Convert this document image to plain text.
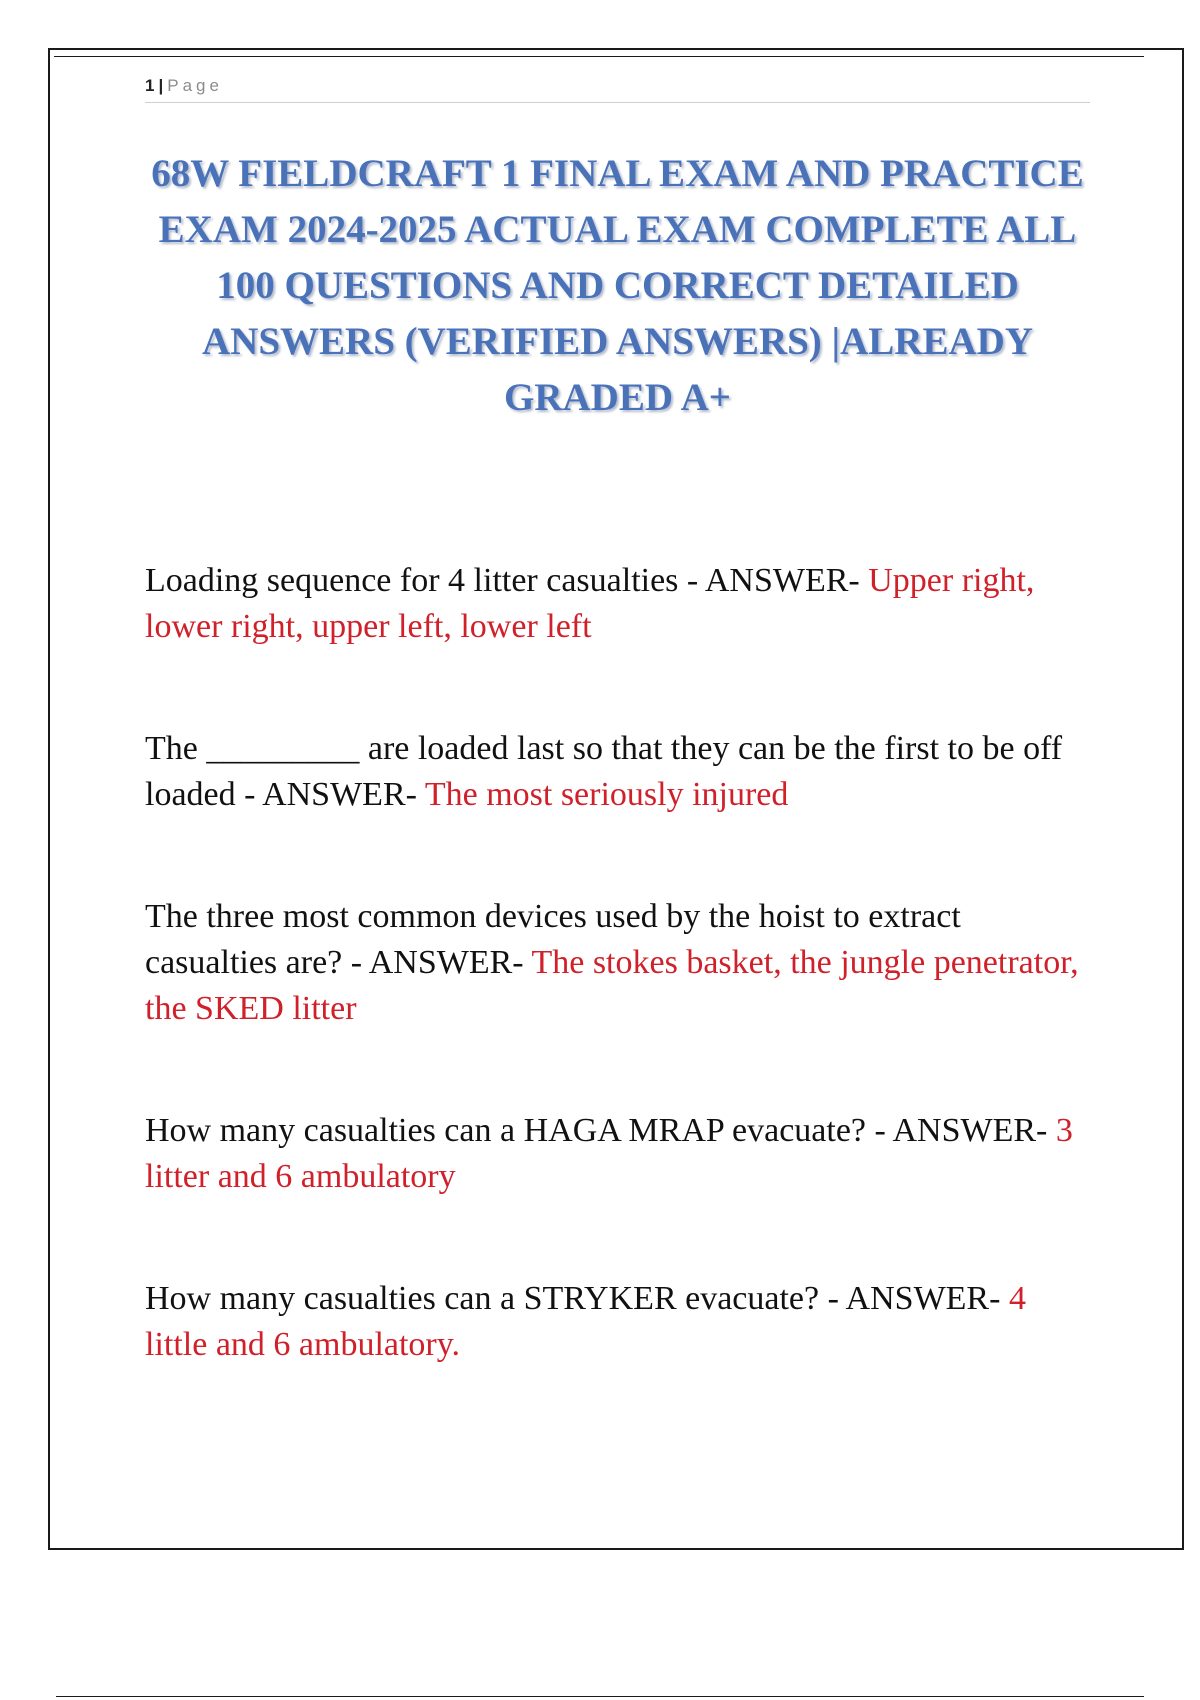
1 | Page
68W FIELDCRAFT 1 FINAL EXAM AND PRACTICE EXAM 2024-2025 ACTUAL EXAM COMPLETE ALL 100 QUESTIONS AND CORRECT DETAILED ANSWERS (VERIFIED ANSWERS) |ALREADY GRADED A+

Loading sequence for 4 litter casualties - ANSWER- Upper right, lower right, upper left, lower left

The _________ are loaded last so that they can be the first to be off loaded - ANSWER- The most seriously injured

The three most common devices used by the hoist to extract casualties are? - ANSWER- The stokes basket, the jungle penetrator, the SKED litter

How many casualties can a HAGA MRAP evacuate? - ANSWER- 3 litter and 6 ambulatory

How many casualties can a STRYKER evacuate? - ANSWER- 4 little and 6 ambulatory.
